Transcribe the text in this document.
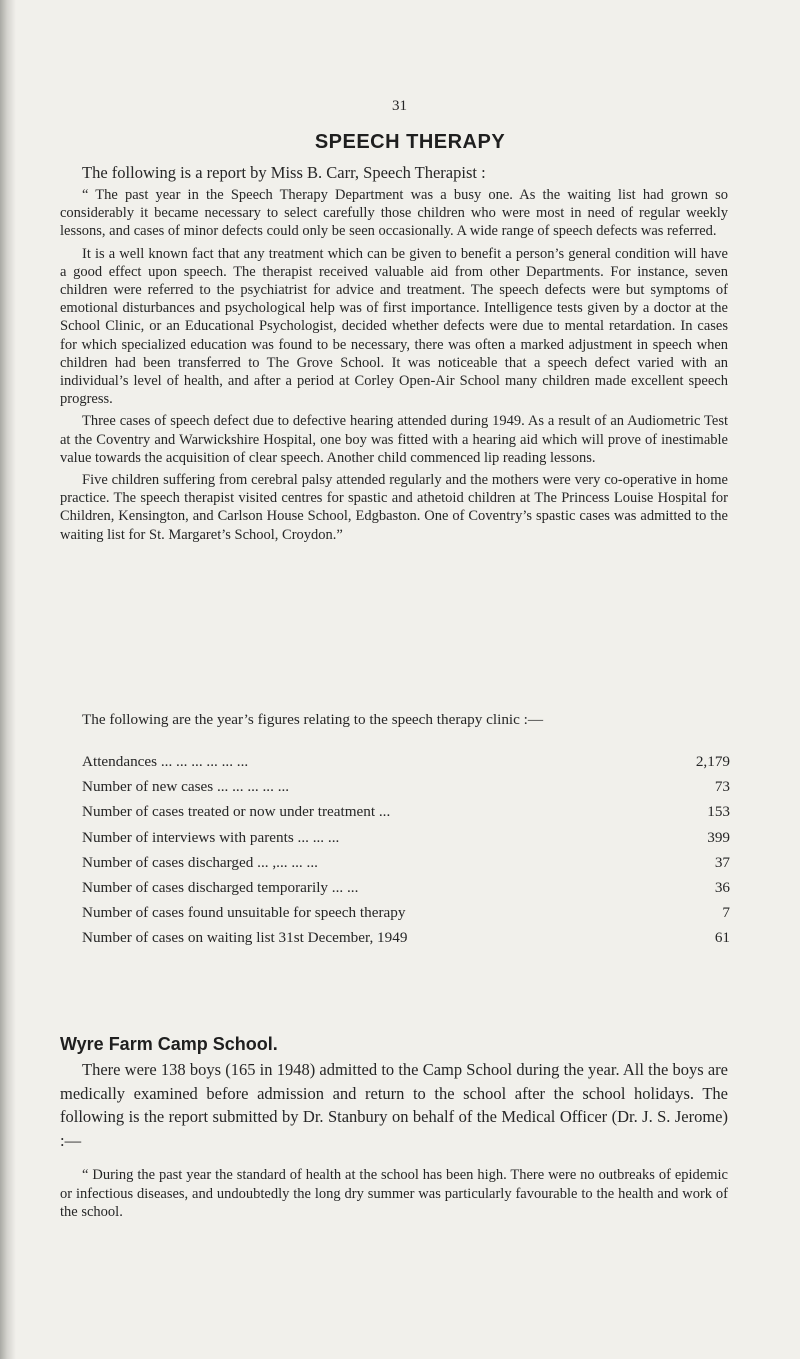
31
SPEECH THERAPY
The following is a report by Miss B. Carr, Speech Therapist :

“ The past year in the Speech Therapy Department was a busy one. As the waiting list had grown so considerably it became necessary to select carefully those children who were most in need of regular weekly lessons, and cases of minor defects could only be seen occasionally. A wide range of speech defects was referred.

It is a well known fact that any treatment which can be given to benefit a person’s general condition will have a good effect upon speech. The therapist received valuable aid from other Departments. For instance, seven children were referred to the psychiatrist for advice and treatment. The speech defects were but symptoms of emotional disturbances and psychological help was of first importance. Intelligence tests given by a doctor at the School Clinic, or an Educational Psychologist, decided whether defects were due to mental retardation. In cases for which specialized education was found to be necessary, there was often a marked adjustment in speech when children had been transferred to The Grove School. It was noticeable that a speech defect varied with an individual’s level of health, and after a period at Corley Open-Air School many children made excellent speech progress.

Three cases of speech defect due to defective hearing attended during 1949. As a result of an Audiometric Test at the Coventry and Warwickshire Hospital, one boy was fitted with a hearing aid which will prove of inestimable value towards the acquisition of clear speech. Another child commenced lip reading lessons.

Five children suffering from cerebral palsy attended regularly and the mothers were very co-operative in home practice. The speech therapist visited centres for spastic and athetoid children at The Princess Louise Hospital for Children, Kensington, and Carlson House School, Edgbaston. One of Coventry’s spastic cases was admitted to the waiting list for St. Margaret’s School, Croydon.”

The following are the year’s figures relating to the speech therapy clinic :—
Attendances ... ... ... ... ... ...	2,179
Number of new cases ... ... ... ... ...	73
Number of cases treated or now under treatment ...	153
Number of interviews with parents ... ... ...	399
Number of cases discharged ... ,... ... ...	37
Number of cases discharged temporarily ... ...	36
Number of cases found unsuitable for speech therapy	7
Number of cases on waiting list 31st December, 1949	61
Wyre Farm Camp School.
There were 138 boys (165 in 1948) admitted to the Camp School during the year. All the boys are medically examined before admission and return to the school after the school holidays. The following is the report submitted by Dr. Stanbury on behalf of the Medical Officer (Dr. J. S. Jerome) :—
“ During the past year the standard of health at the school has been high. There were no outbreaks of epidemic or infectious diseases, and undoubtedly the long dry summer was particularly favourable to the health and work of the school.
